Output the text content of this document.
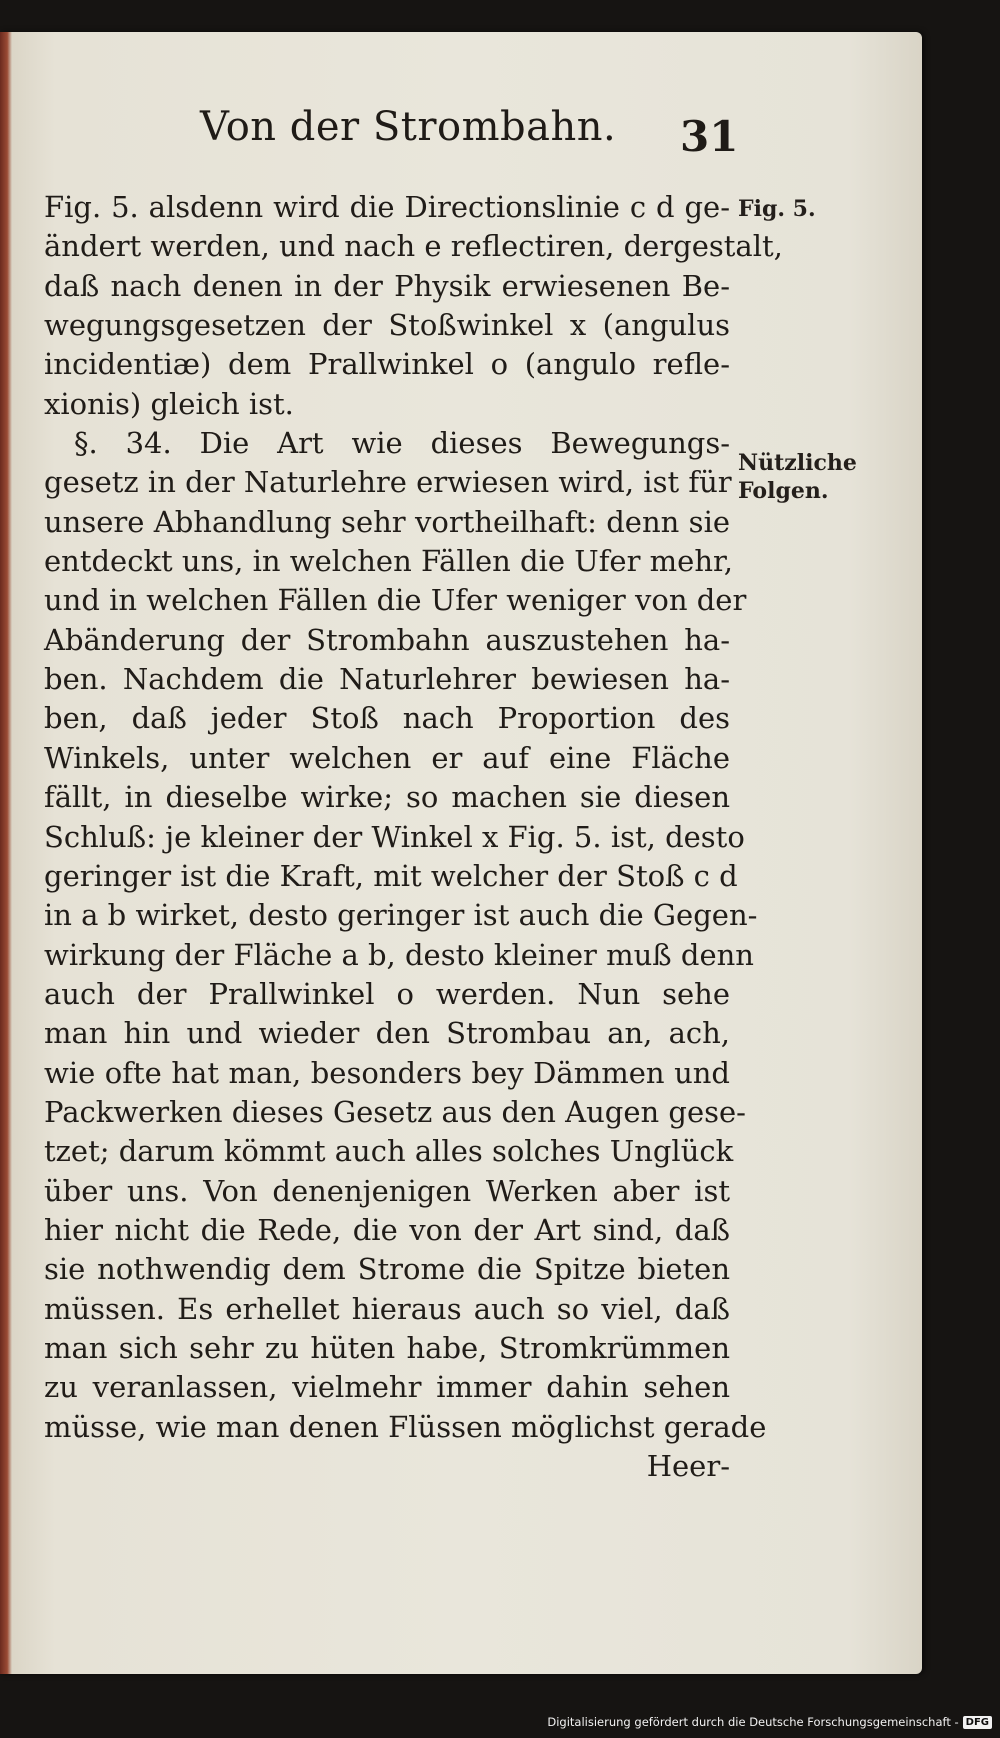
Von der Strombahn.	31
Fig. 5.
Nützliche
Folgen.
Fig. 5. alsdenn wird die Directionslinie c d ge-
ändert werden, und nach e reflectiren, dergestalt,
daß nach denen in der Physik erwiesenen Be-
wegungsgesetzen der Stoßwinkel x (angulus
incidentiæ) dem Prallwinkel o (angulo refle-
xionis) gleich ist.
§. 34. Die Art wie dieses Bewegungs-
gesetz in der Naturlehre erwiesen wird, ist für
unsere Abhandlung sehr vortheilhaft: denn sie
entdeckt uns, in welchen Fällen die Ufer mehr,
und in welchen Fällen die Ufer weniger von der
Abänderung der Strombahn auszustehen ha-
ben. Nachdem die Naturlehrer bewiesen ha-
ben, daß jeder Stoß nach Proportion des
Winkels, unter welchen er auf eine Fläche
fällt, in dieselbe wirke; so machen sie diesen
Schluß: je kleiner der Winkel x Fig. 5. ist, desto
geringer ist die Kraft, mit welcher der Stoß c d
in a b wirket, desto geringer ist auch die Gegen-
wirkung der Fläche a b, desto kleiner muß denn
auch der Prallwinkel o werden. Nun sehe
man hin und wieder den Strombau an, ach,
wie ofte hat man, besonders bey Dämmen und
Packwerken dieses Gesetz aus den Augen gese-
tzet; darum kömmt auch alles solches Unglück
über uns. Von denenjenigen Werken aber ist
hier nicht die Rede, die von der Art sind, daß
sie nothwendig dem Strome die Spitze bieten
müssen. Es erhellet hieraus auch so viel, daß
man sich sehr zu hüten habe, Stromkrümmen
zu veranlassen, vielmehr immer dahin sehen
müsse, wie man denen Flüssen möglichst gerade
Heer-
Digitalisierung gefördert durch die Deutsche Forschungsgemeinschaft - DFG
